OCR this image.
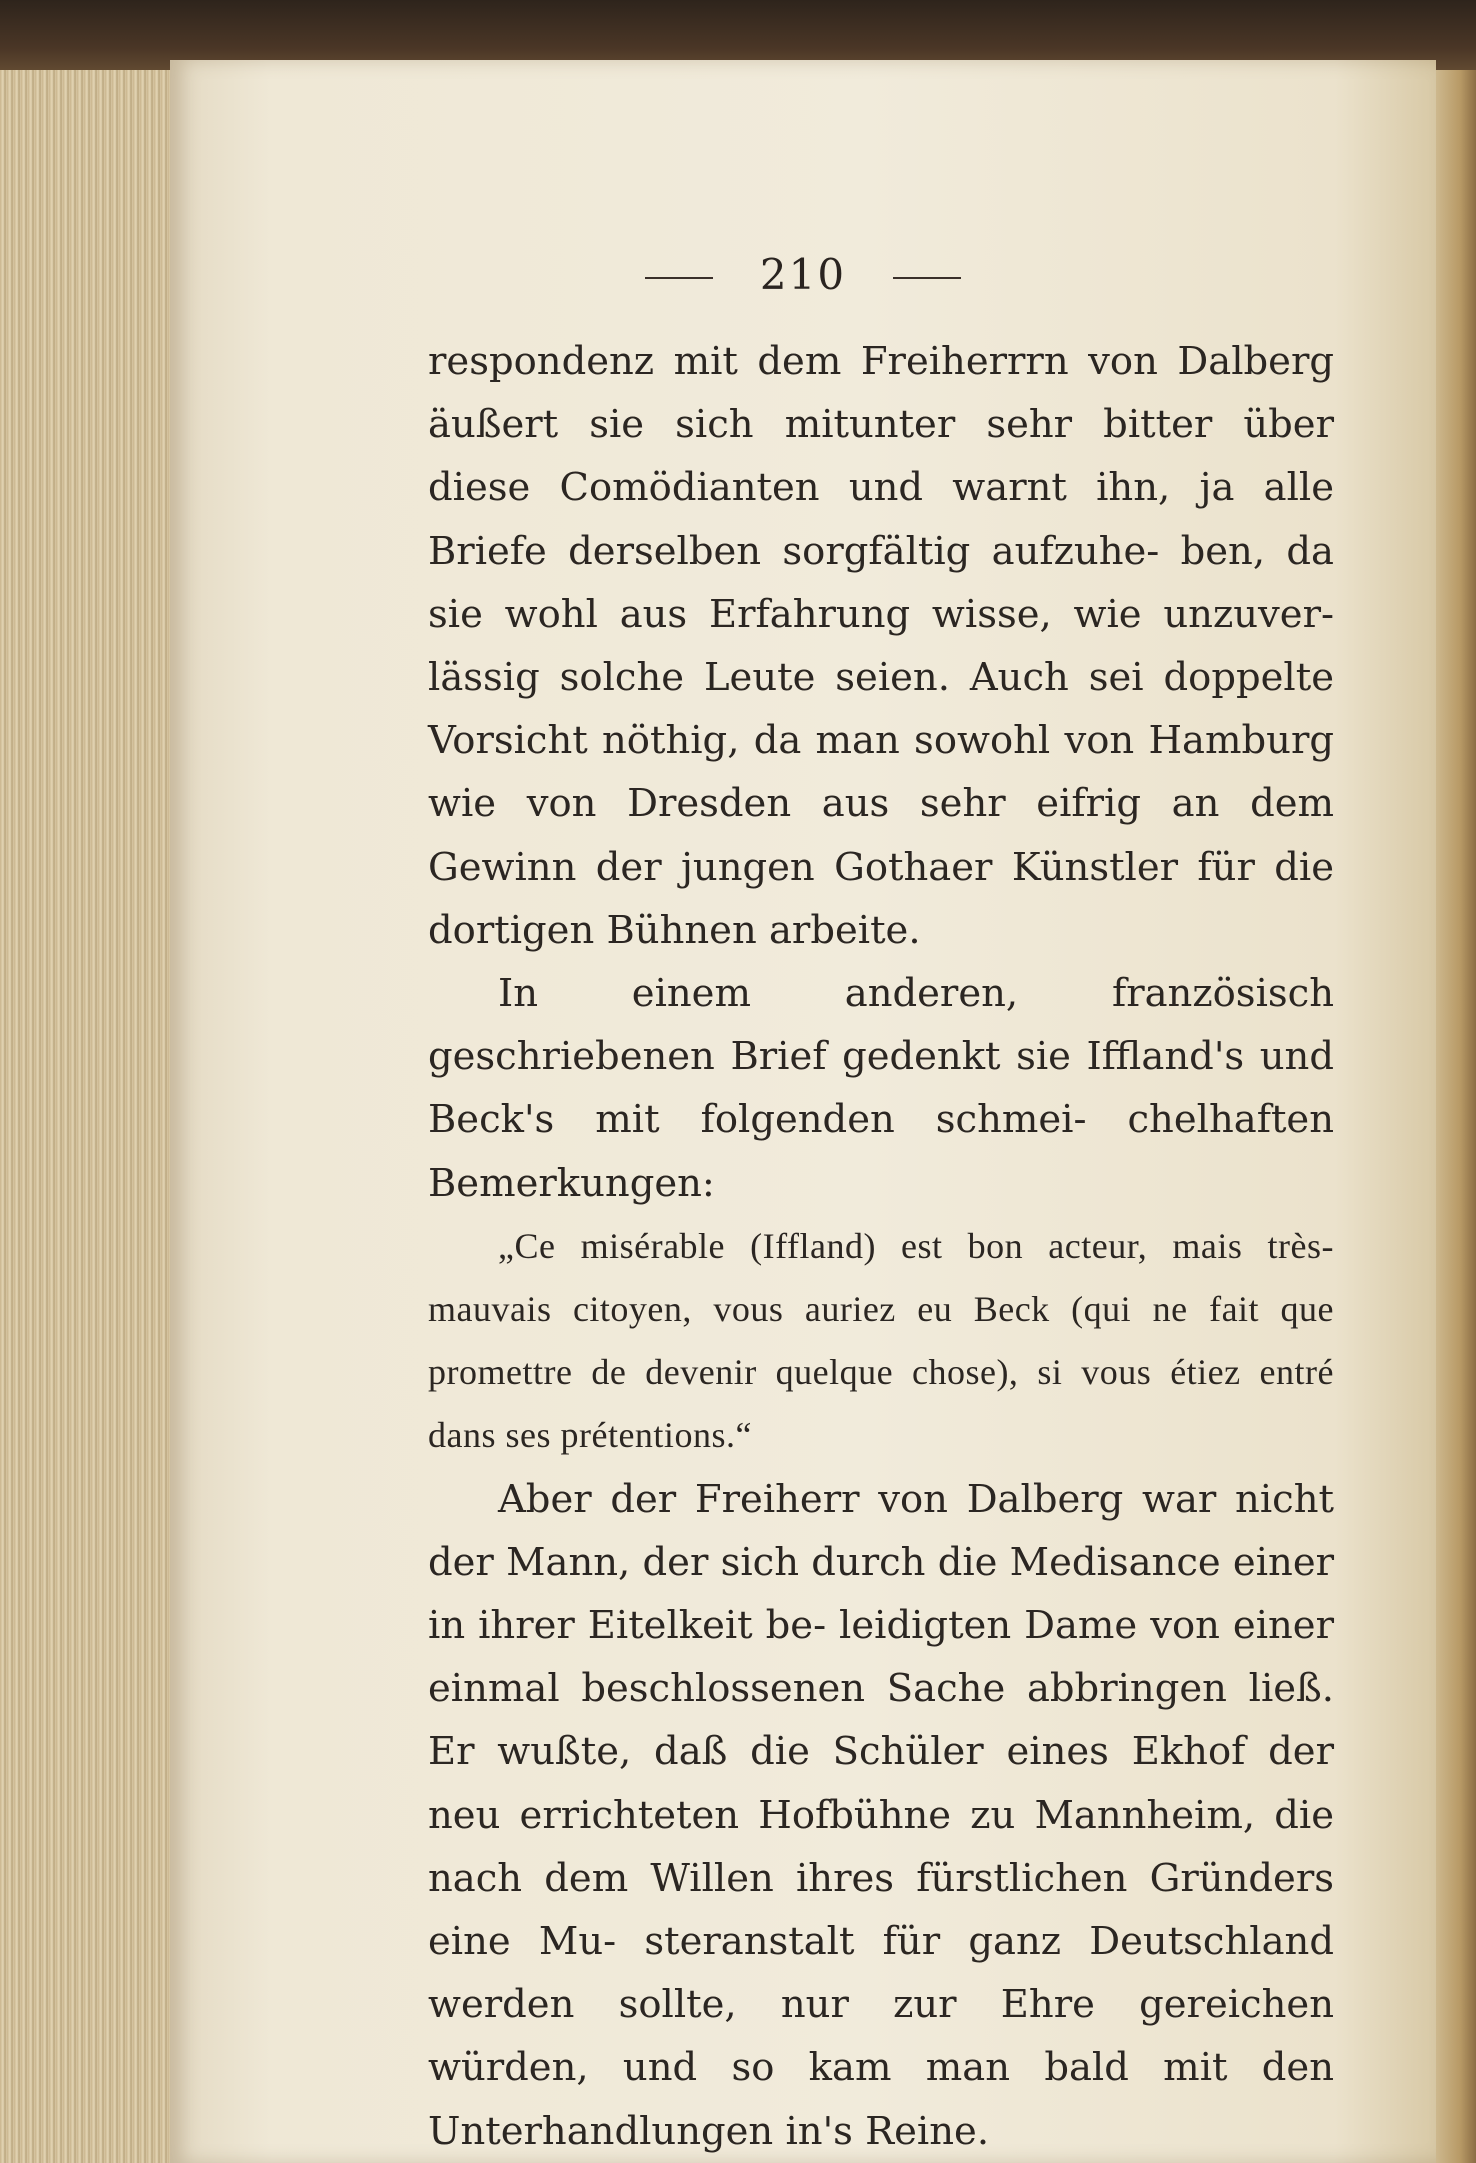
210

respondenz mit dem Freiherrrn von Dalberg äußert sie sich mitunter sehr bitter über diese Comödianten und warnt ihn, ja alle Briefe derselben sorgfältig aufzuhe- ben, da sie wohl aus Erfahrung wisse, wie unzuver- lässig solche Leute seien. Auch sei doppelte Vorsicht nöthig, da man sowohl von Hamburg wie von Dresden aus sehr eifrig an dem Gewinn der jungen Gothaer Künstler für die dortigen Bühnen arbeite.

In einem anderen, französisch geschriebenen Brief gedenkt sie Iffland's und Beck's mit folgenden schmei- chelhaften Bemerkungen:

„Ce misérable (Iffland) est bon acteur, mais très- mauvais citoyen, vous auriez eu Beck (qui ne fait que promettre de devenir quelque chose), si vous étiez entré dans ses prétentions.“

Aber der Freiherr von Dalberg war nicht der Mann, der sich durch die Medisance einer in ihrer Eitelkeit be- leidigten Dame von einer einmal beschlossenen Sache abbringen ließ. Er wußte, daß die Schüler eines Ekhof der neu errichteten Hofbühne zu Mannheim, die nach dem Willen ihres fürstlichen Gründers eine Mu- steranstalt für ganz Deutschland werden sollte, nur zur Ehre gereichen würden, und so kam man bald mit den Unterhandlungen in's Reine.
